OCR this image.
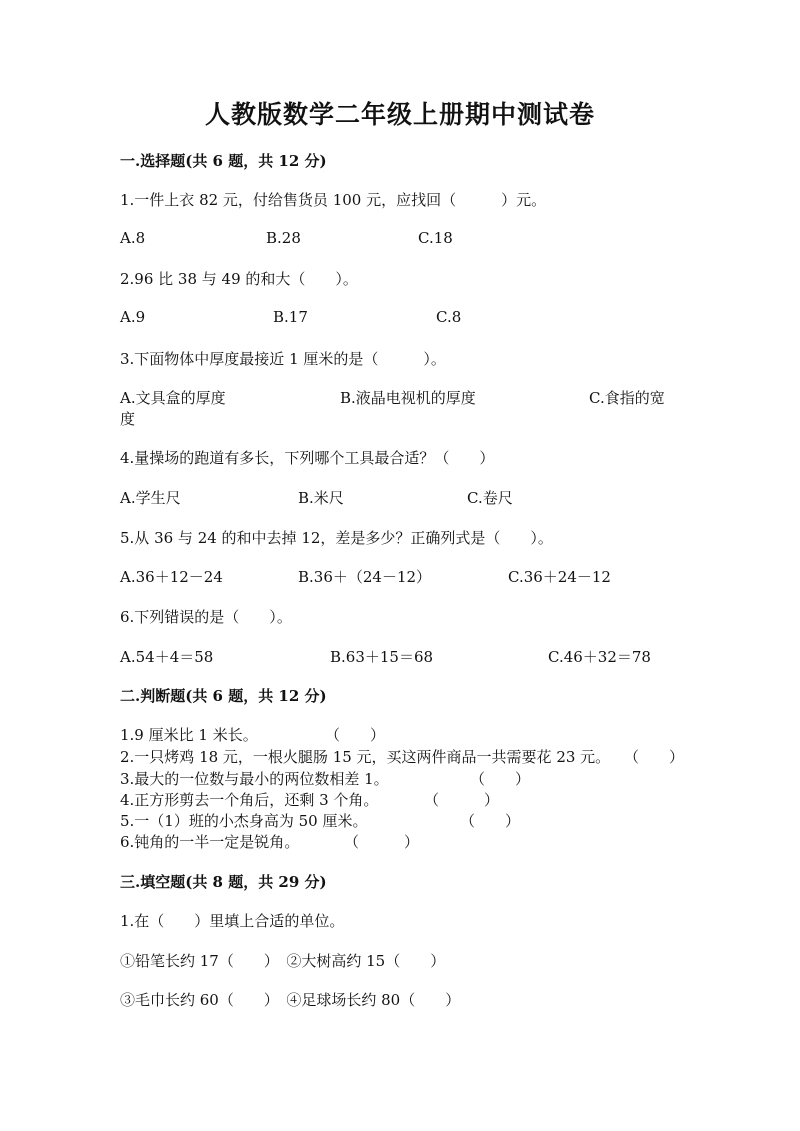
人教版数学二年级上册期中测试卷
一.选择题(共 6 题，共 12 分)
1.一件上衣 82 元，付给售货员 100 元，应找回（　　　）元。
A.8	B.28	C.18
2.96 比 38 与 49 的和大（　　）。
A.9	B.17	C.8
3.下面物体中厚度最接近 1 厘米的是（　　　）。
A.文具盒的厚度	B.液晶电视机的厚度	C.食指的宽
度
4.量操场的跑道有多长，下列哪个工具最合适？（　　）
A.学生尺	B.米尺	C.卷尺
5.从 36 与 24 的和中去掉 12，差是多少？正确列式是（　　）。
A.36＋12－24	B.36＋（24－12）	C.36＋24－12
6.下列错误的是（　　）。
A.54＋4＝58	B.63＋15＝68	C.46＋32＝78
二.判断题(共 6 题，共 12 分)
1.9 厘米比 1 米长。	（　　）
2.一只烤鸡 18 元，一根火腿肠 15 元，买这两件商品一共需要花 23 元。 （　　）
3.最大的一位数与最小的两位数相差 1。	（　　）
4.正方形剪去一个角后，还剩 3 个角。	（　　　）
5.一（1）班的小杰身高为 50 厘米。	（　　）
6.钝角的一半一定是锐角。	（　　　）
三.填空题(共 8 题，共 29 分)
1.在（　　）里填上合适的单位。
①铅笔长约 17（　　）　②大树高约 15（　　）
③毛巾长约 60（　　）　④足球场长约 80（　　）
